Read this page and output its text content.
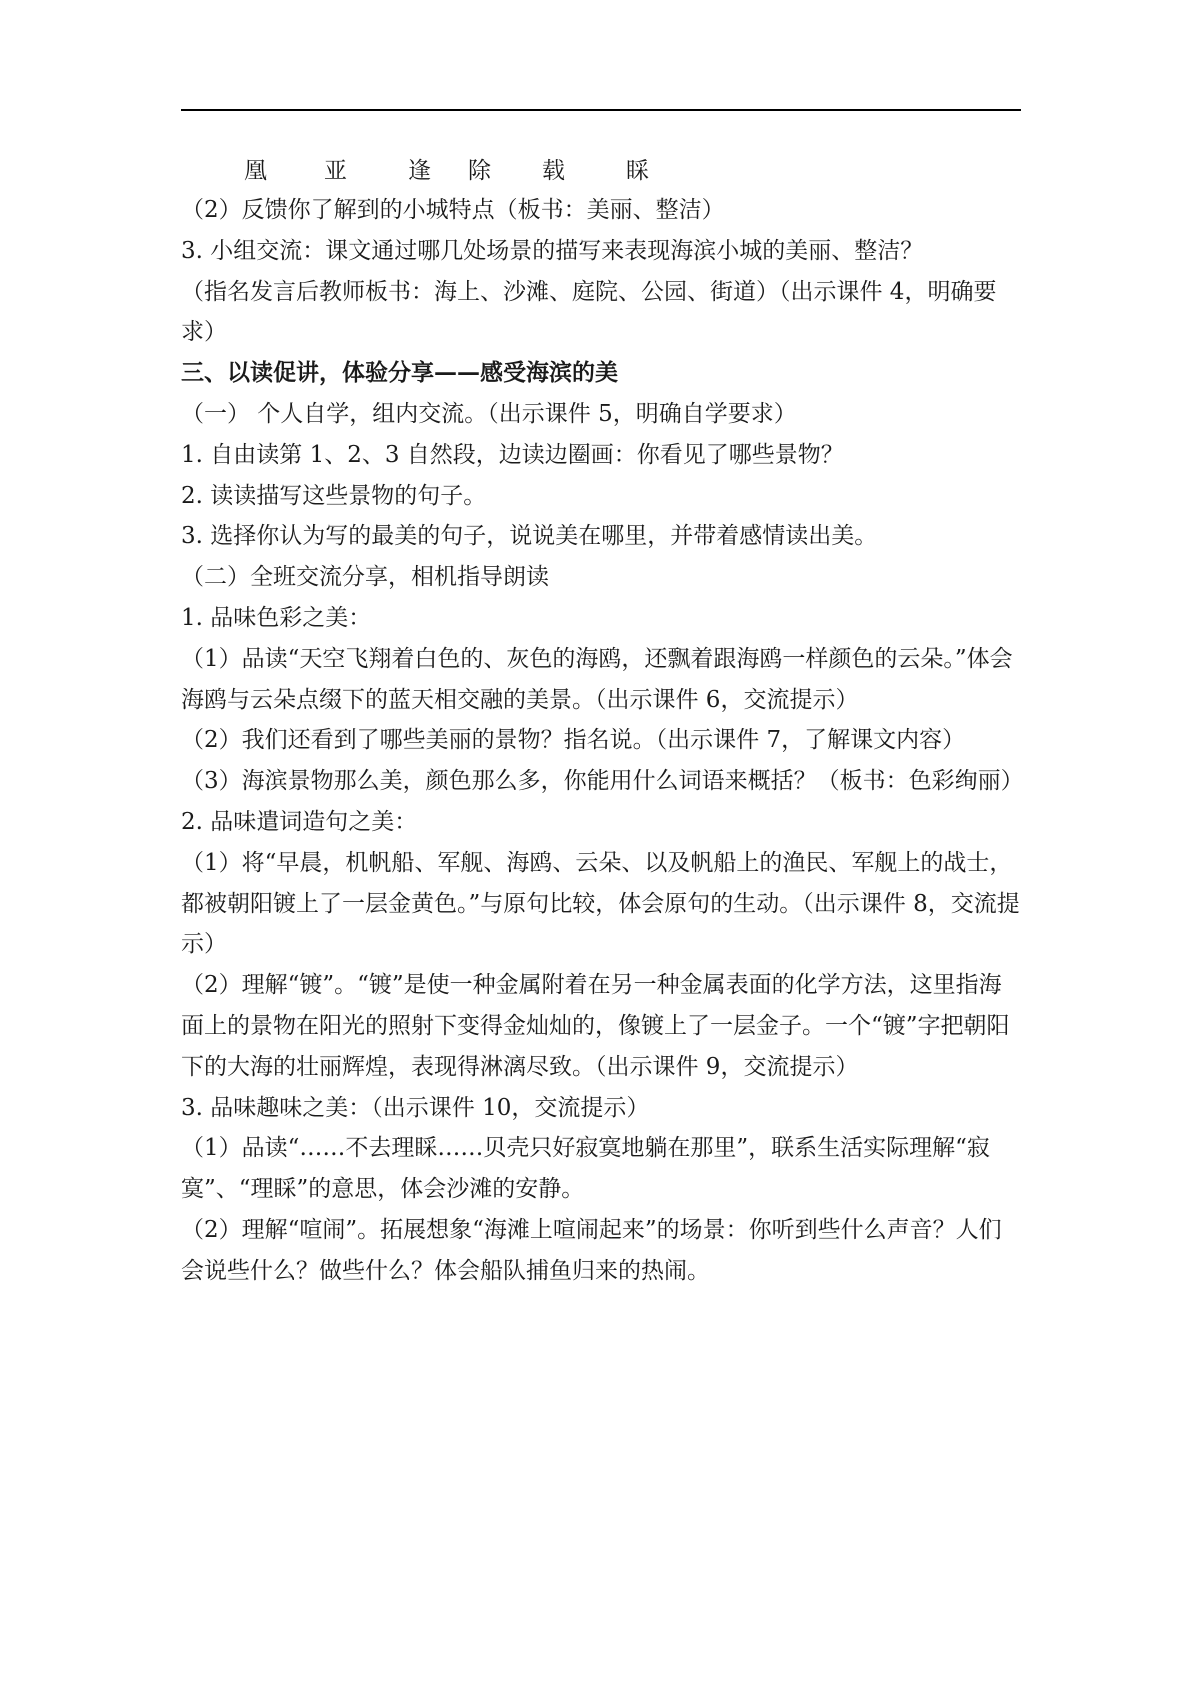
凰	亚	逢	除	载	睬
（2）反馈你了解到的小城特点（板书：美丽、整洁）
3. 小组交流：课文通过哪几处场景的描写来表现海滨小城的美丽、整洁？
（指名发言后教师板书：海上、沙滩、庭院、公园、街道）（出示课件 4，明确要求）
三、以读促讲，体验分享——感受海滨的美
（一） 个人自学，组内交流。（出示课件 5，明确自学要求）
1. 自由读第 1、2、3 自然段，边读边圈画：你看见了哪些景物？
2. 读读描写这些景物的句子。
3. 选择你认为写的最美的句子，说说美在哪里，并带着感情读出美。
（二）全班交流分享，相机指导朗读
1. 品味色彩之美：
（1）品读“天空飞翔着白色的、灰色的海鸥，还飘着跟海鸥一样颜色的云朵。”体会海鸥与云朵点缀下的蓝天相交融的美景。（出示课件 6，交流提示）
（2）我们还看到了哪些美丽的景物？指名说。（出示课件 7，了解课文内容）
（3）海滨景物那么美，颜色那么多，你能用什么词语来概括？（板书：色彩绚丽）
2. 品味遣词造句之美：
（1）将“早晨，机帆船、军舰、海鸥、云朵、以及帆船上的渔民、军舰上的战士，都被朝阳镀上了一层金黄色。”与原句比较，体会原句的生动。（出示课件 8，交流提示）
（2）理解“镀”。“镀”是使一种金属附着在另一种金属表面的化学方法，这里指海面上的景物在阳光的照射下变得金灿灿的，像镀上了一层金子。一个“镀”字把朝阳下的大海的壮丽辉煌，表现得淋漓尽致。（出示课件 9，交流提示）
3. 品味趣味之美：（出示课件 10，交流提示）
（1）品读“……不去理睬……贝壳只好寂寞地躺在那里”，联系生活实际理解“寂寞”、“理睬”的意思，体会沙滩的安静。
（2）理解“喧闹”。拓展想象“海滩上喧闹起来”的场景：你听到些什么声音？人们会说些什么？做些什么？体会船队捕鱼归来的热闹。
